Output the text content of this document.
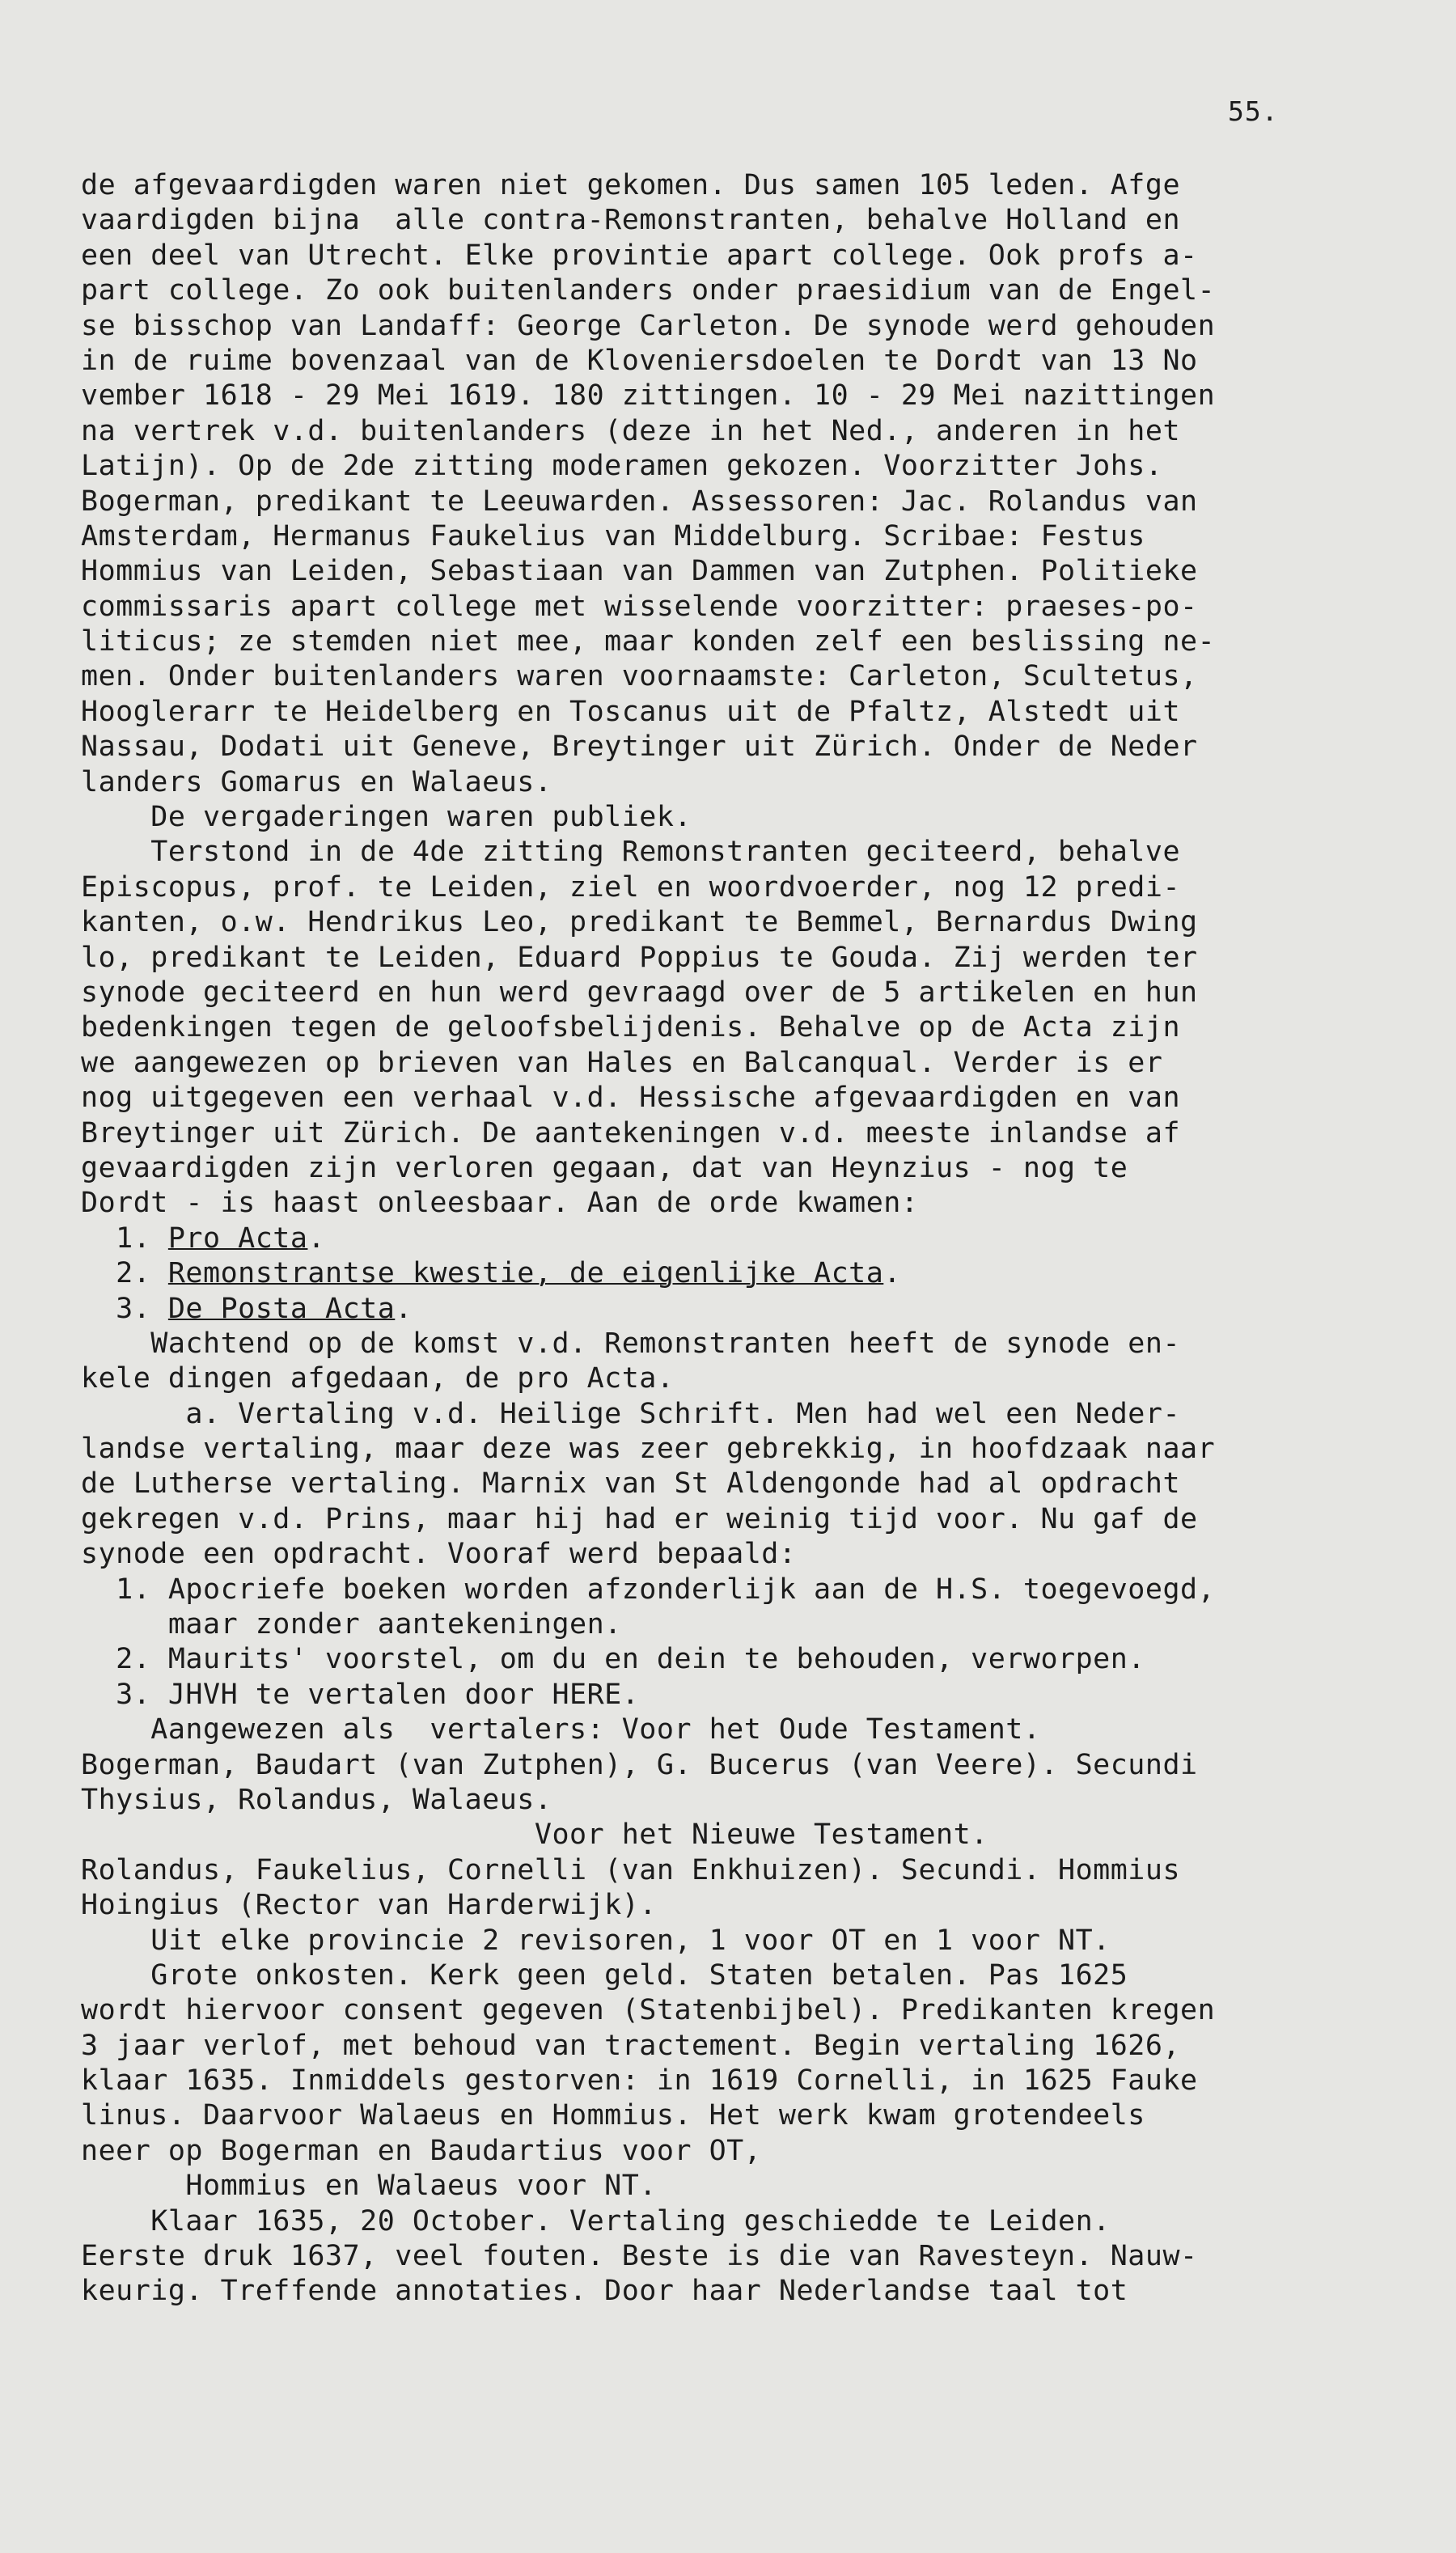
55.
de afgevaardigden waren niet gekomen. Dus samen 105 leden. Afge
vaardigden bijna  alle contra-Remonstranten, behalve Holland en
een deel van Utrecht. Elke provintie apart college. Ook profs a-
part college. Zo ook buitenlanders onder praesidium van de Engel-
se bisschop van Landaff: George Carleton. De synode werd gehouden
in de ruime bovenzaal van de Kloveniersdoelen te Dordt van 13 No
vember 1618 - 29 Mei 1619. 180 zittingen. 10 - 29 Mei nazittingen
na vertrek v.d. buitenlanders (deze in het Ned., anderen in het
Latijn). Op de 2de zitting moderamen gekozen. Voorzitter Johs.
Bogerman, predikant te Leeuwarden. Assessoren: Jac. Rolandus van
Amsterdam, Hermanus Faukelius van Middelburg. Scribae: Festus
Hommius van Leiden, Sebastiaan van Dammen van Zutphen. Politieke
commissaris apart college met wisselende voorzitter: praeses-po-
liticus; ze stemden niet mee, maar konden zelf een beslissing ne-
men. Onder buitenlanders waren voornaamste: Carleton, Scultetus,
Hooglerarr te Heidelberg en Toscanus uit de Pfaltz, Alstedt uit
Nassau, Dodati uit Geneve, Breytinger uit Zürich. Onder de Neder
landers Gomarus en Walaeus.
De vergaderingen waren publiek.
Terstond in de 4de zitting Remonstranten geciteerd, behalve
Episcopus, prof. te Leiden, ziel en woordvoerder, nog 12 predi-
kanten, o.w. Hendrikus Leo, predikant te Bemmel, Bernardus Dwing
lo, predikant te Leiden, Eduard Poppius te Gouda. Zij werden ter
synode geciteerd en hun werd gevraagd over de 5 artikelen en hun
bedenkingen tegen de geloofsbelijdenis. Behalve op de Acta zijn
we aangewezen op brieven van Hales en Balcanqual. Verder is er
nog uitgegeven een verhaal v.d. Hessische afgevaardigden en van
Breytinger uit Zürich. De aantekeningen v.d. meeste inlandse af
gevaardigden zijn verloren gegaan, dat van Heynzius - nog te
Dordt - is haast onleesbaar. Aan de orde kwamen:
1. Pro Acta.
2. Remonstrantse kwestie, de eigenlijke Acta.
3. De Posta Acta.
Wachtend op de komst v.d. Remonstranten heeft de synode en-
kele dingen afgedaan, de pro Acta.
a. Vertaling v.d. Heilige Schrift. Men had wel een Neder-
landse vertaling, maar deze was zeer gebrekkig, in hoofdzaak naar
de Lutherse vertaling. Marnix van St Aldengonde had al opdracht
gekregen v.d. Prins, maar hij had er weinig tijd voor. Nu gaf de
synode een opdracht. Vooraf werd bepaald:
1. Apocriefe boeken worden afzonderlijk aan de H.S. toegevoegd,
maar zonder aantekeningen.
2. Maurits' voorstel, om du en dein te behouden, verworpen.
3. JHVH te vertalen door HERE.
Aangewezen als  vertalers: Voor het Oude Testament.
Bogerman, Baudart (van Zutphen), G. Bucerus (van Veere). Secundi
Thysius, Rolandus, Walaeus.
Voor het Nieuwe Testament.
Rolandus, Faukelius, Cornelli (van Enkhuizen). Secundi. Hommius
Hoingius (Rector van Harderwijk).
Uit elke provincie 2 revisoren, 1 voor OT en 1 voor NT.
Grote onkosten. Kerk geen geld. Staten betalen. Pas 1625
wordt hiervoor consent gegeven (Statenbijbel). Predikanten kregen
3 jaar verlof, met behoud van tractement. Begin vertaling 1626,
klaar 1635. Inmiddels gestorven: in 1619 Cornelli, in 1625 Fauke
linus. Daarvoor Walaeus en Hommius. Het werk kwam grotendeels
neer op Bogerman en Baudartius voor OT,
Hommius en Walaeus voor NT.
Klaar 1635, 20 October. Vertaling geschiedde te Leiden.
Eerste druk 1637, veel fouten. Beste is die van Ravesteyn. Nauw-
keurig. Treffende annotaties. Door haar Nederlandse taal tot
